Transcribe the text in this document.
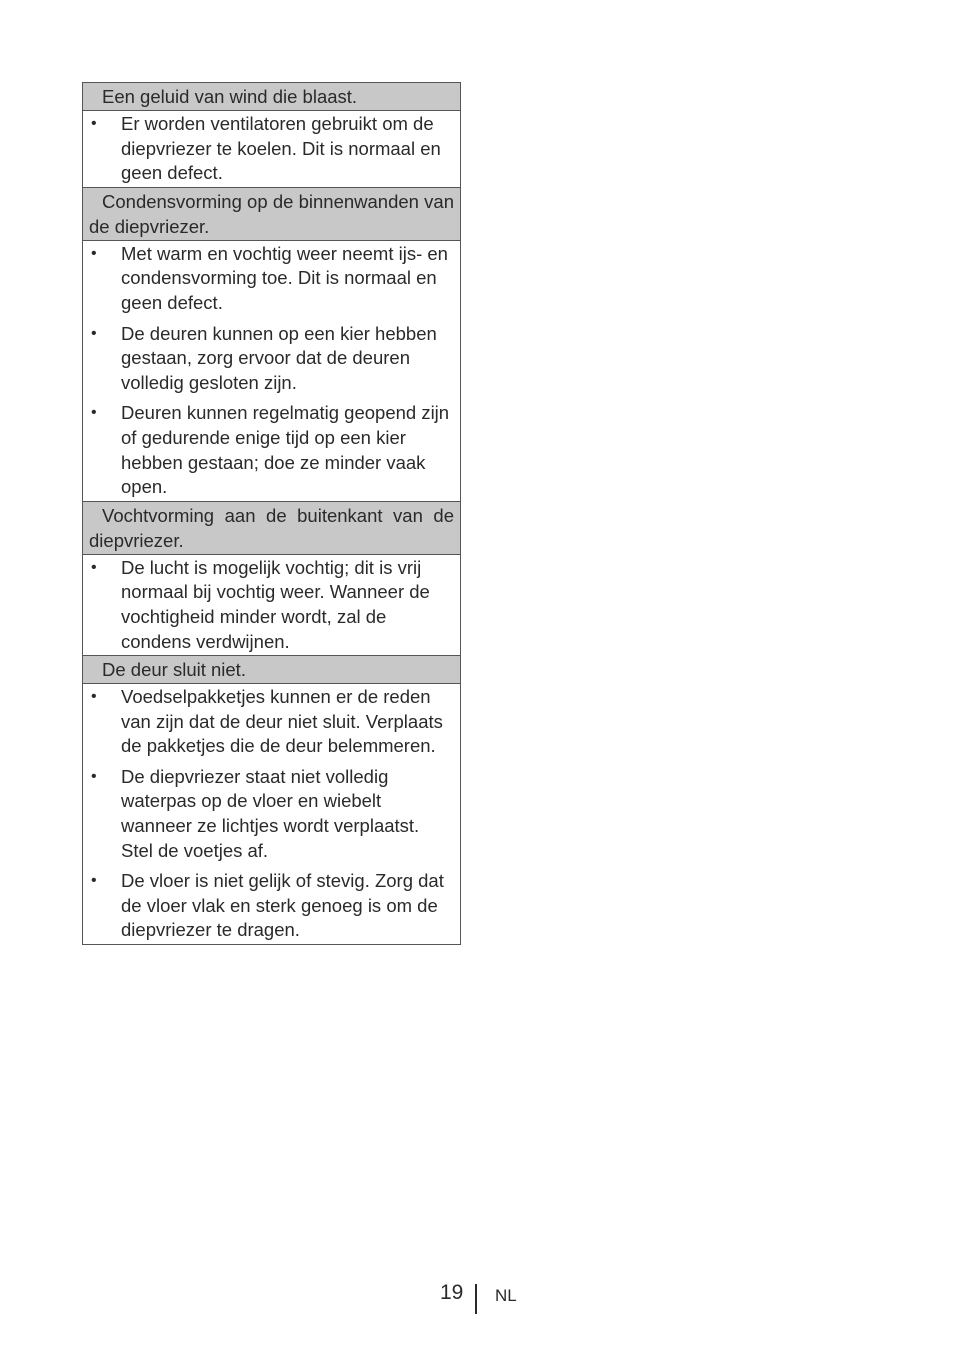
Een geluid van wind die blaast.
• Er worden ventilatoren gebruikt om de diepvriezer te koelen. Dit is normaal en geen defect.
Condensvorming op de binnenwanden van de diepvriezer.
• Met warm en vochtig weer neemt ijs- en condensvorming toe. Dit is normaal en geen defect.
• De deuren kunnen op een kier hebben gestaan, zorg ervoor dat de deuren volledig gesloten zijn.
• Deuren kunnen regelmatig geopend zijn of gedurende enige tijd op een kier hebben gestaan; doe ze minder vaak open.
Vochtvorming aan de buitenkant van de diepvriezer.
• De lucht is mogelijk vochtig; dit is vrij normaal bij vochtig weer. Wanneer de vochtigheid minder wordt, zal de condens verdwijnen.
De deur sluit niet.
• Voedselpakketjes kunnen er de reden van zijn dat de deur niet sluit. Verplaats de pakketjes die de deur belemmeren.
• De diepvriezer staat niet volledig waterpas op de vloer en wiebelt wanneer ze lichtjes wordt verplaatst. Stel de voetjes af.
• De vloer is niet gelijk of stevig. Zorg dat de vloer vlak en sterk genoeg is om de diepvriezer te dragen.
19 NL
